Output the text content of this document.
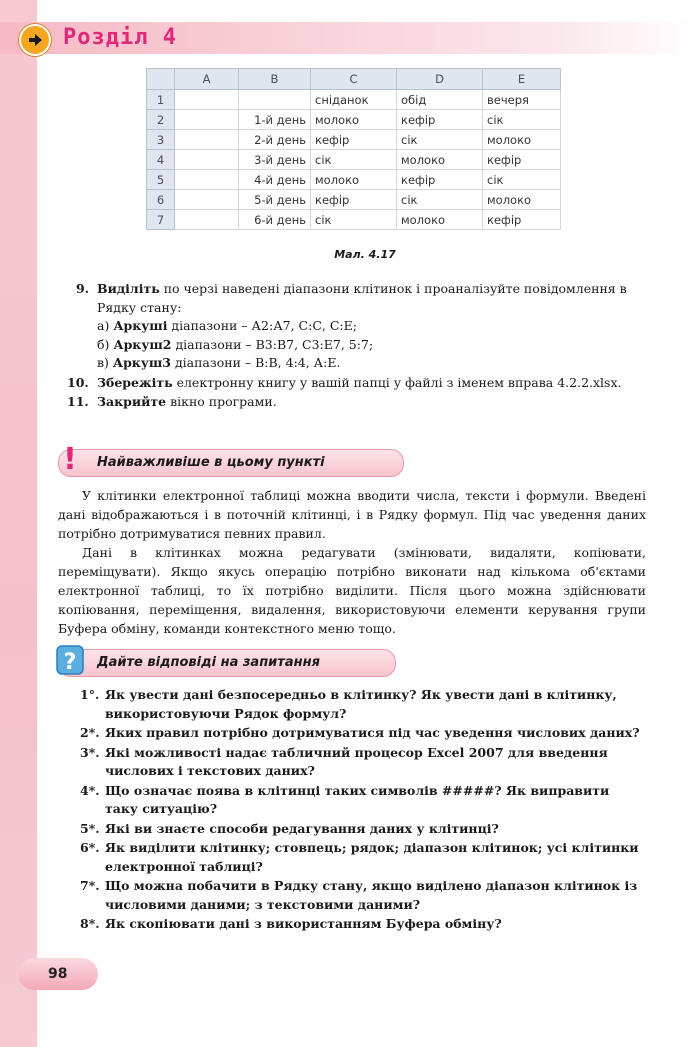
Розділ 4
	A	B	C	D	E
1			сніданок	обід	вечеря
2		1-й день	молоко	кефір	сік
3		2-й день	кефір	сік	молоко
4		3-й день	сік	молоко	кефір
5		4-й день	молоко	кефір	сік
6		5-й день	кефір	сік	молоко
7		6-й день	сік	молоко	кефір
Мал. 4.17
9. Виділіть по черзі наведені діапазони клітинок і проаналізуйте повідомлення в Рядку стану:
а) Аркуші діапазони – А2:А7, С:С, С:Е;
б) Аркуш2 діапазони – В3:В7, С3:Е7, 5:7;
в) Аркуш3 діапазони – В:В, 4:4, А:Е.
10. Збережіть електронну книгу у вашій папці у файлі з іменем вправа 4.2.2.xlsx.
11. Закрийте вікно програми.
!	Найважливіше в цьому пункті

У клітинки електронної таблиці можна вводити числа, тексти і формули. Введені дані відображаються і в поточній клітинці, і в Рядку формул. Під час уведення даних потрібно дотримуватися певних правил.

Дані в клітинках можна редагувати (змінювати, видаляти, копіювати, переміщувати). Якщо якусь операцію потрібно виконати над кількома об'єктами електронної таблиці, то їх потрібно виділити. Після цього можна здійснювати копіювання, переміщення, видалення, використовуючи елементи керування групи Буфера обміну, команди контекстного меню тощо.

? Дайте відповіді на запитання
1°. Як увести дані безпосередньо в клітинку? Як увести дані в клітинку, використовуючи Рядок формул?
2*. Яких правил потрібно дотримуватися під час уведення числових даних?
3*. Які можливості надає табличний процесор Excel 2007 для введення числових і текстових даних?
4*. Що означає поява в клітинці таких символів #####? Як виправити таку ситуацію?
5*. Які ви знаєте способи редагування даних у клітинці?
6*. Як виділити клітинку; стовпець; рядок; діапазон клітинок; усі клітинки електронної таблиці?
7*. Що можна побачити в Рядку стану, якщо виділено діапазон клітинок із числовими даними; з текстовими даними?
8*. Як скопіювати дані з використанням Буфера обміну?
98
